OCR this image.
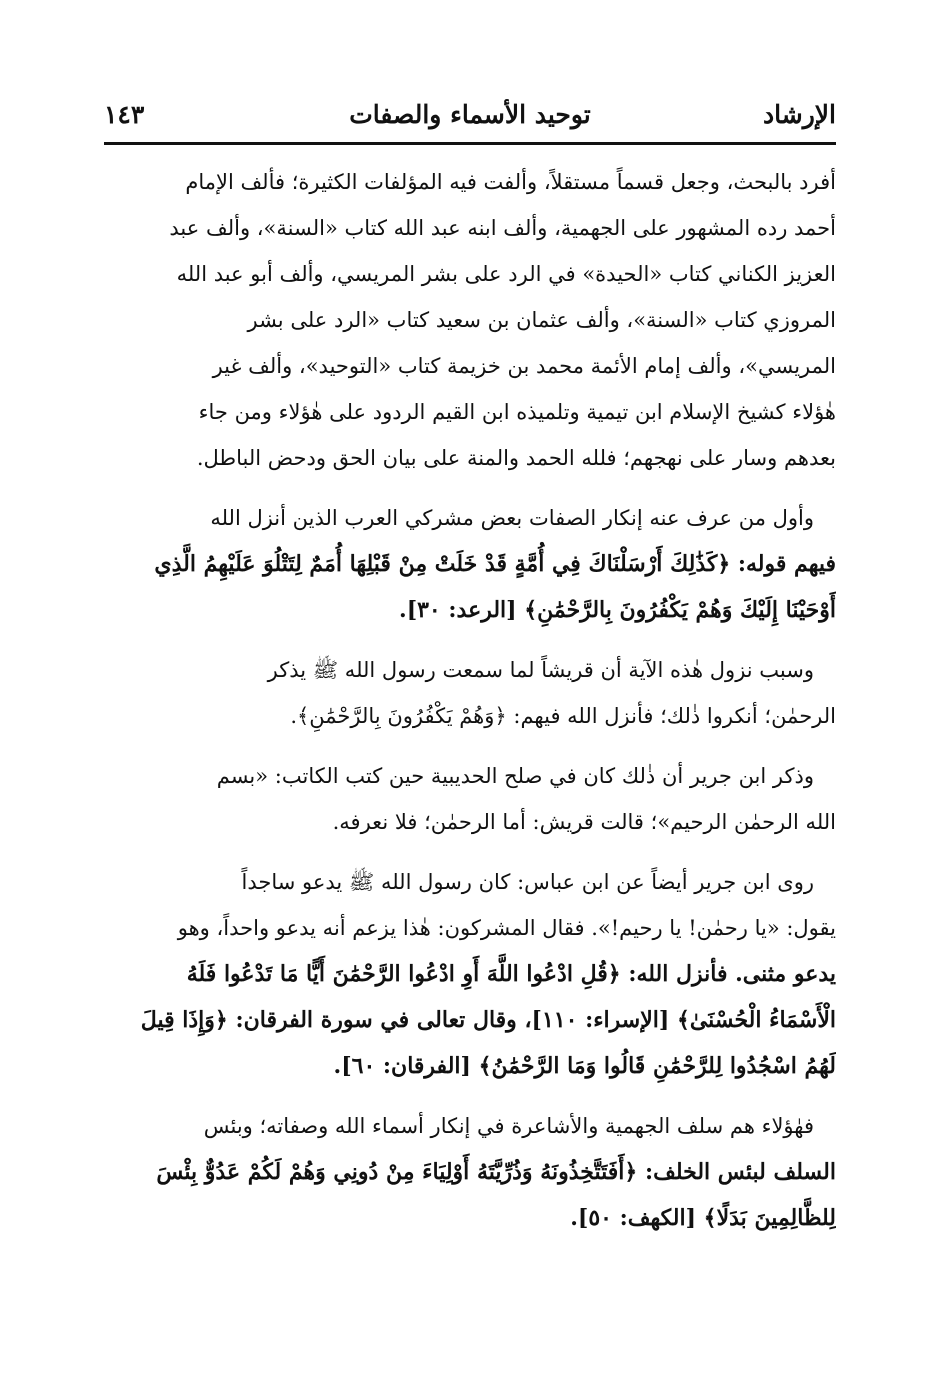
الإرشاد
توحيد الأسماء والصفات
١٤٣

أفرد بالبحث، وجعل قسماً مستقلاً، وألفت فيه المؤلفات الكثيرة؛ فألف الإمام
أحمد رده المشهور على الجهمية، وألف ابنه عبد الله كتاب «السنة»، وألف عبد
العزيز الكناني كتاب «الحيدة» في الرد على بشر المريسي، وألف أبو عبد الله
المروزي كتاب «السنة»، وألف عثمان بن سعيد كتاب «الرد على بشر
المريسي»، وألف إمام الأئمة محمد بن خزيمة كتاب «التوحيد»، وألف غير
هٰؤلاء كشيخ الإسلام ابن تيمية وتلميذه ابن القيم الردود على هٰؤلاء ومن جاء
بعدهم وسار على نهجهم؛ فلله الحمد والمنة على بيان الحق ودحض الباطل.

وأول من عرف عنه إنكار الصفات بعض مشركي العرب الذين أنزل الله
فيهم قوله: ﴿كَذَٰلِكَ أَرْسَلْنَاكَ فِي أُمَّةٍ قَدْ خَلَتْ مِنْ قَبْلِهَا أُمَمٌ لِتَتْلُوَ عَلَيْهِمُ الَّذِي
أَوْحَيْنَا إِلَيْكَ وَهُمْ يَكْفُرُونَ بِالرَّحْمَٰنِ﴾ [الرعد: ٣٠].

وسبب نزول هٰذه الآية أن قريشاً لما سمعت رسول الله ﷺ يذكر
الرحمٰن؛ أنكروا ذٰلك؛ فأنزل الله فيهم: ﴿وَهُمْ يَكْفُرُونَ بِالرَّحْمَٰنِ﴾.

وذكر ابن جرير أن ذٰلك كان في صلح الحديبية حين كتب الكاتب: «بسم
الله الرحمٰن الرحيم»؛ قالت قريش: أما الرحمٰن؛ فلا نعرفه.

روى ابن جرير أيضاً عن ابن عباس: كان رسول الله ﷺ يدعو ساجداً
يقول: «يا رحمٰن! يا رحيم!». فقال المشركون: هٰذا يزعم أنه يدعو واحداً، وهو
يدعو مثنى. فأنزل الله: ﴿قُلِ ادْعُوا اللَّهَ أَوِ ادْعُوا الرَّحْمَٰنَ أَيًّا مَا تَدْعُوا فَلَهُ
الْأَسْمَاءُ الْحُسْنَىٰ﴾ [الإسراء: ١١٠]، وقال تعالى في سورة الفرقان: ﴿وَإِذَا قِيلَ
لَهُمُ اسْجُدُوا لِلرَّحْمَٰنِ قَالُوا وَمَا الرَّحْمَٰنُ﴾ [الفرقان: ٦٠].

فهٰؤلاء هم سلف الجهمية والأشاعرة في إنكار أسماء الله وصفاته؛ وبئس
السلف لبئس الخلف: ﴿أَفَتَتَّخِذُونَهُ وَذُرِّيَّتَهُ أَوْلِيَاءَ مِنْ دُونِي وَهُمْ لَكُمْ عَدُوٌّ بِئْسَ
لِلظَّالِمِينَ بَدَلًا﴾ [الكهف: ٥٠].
